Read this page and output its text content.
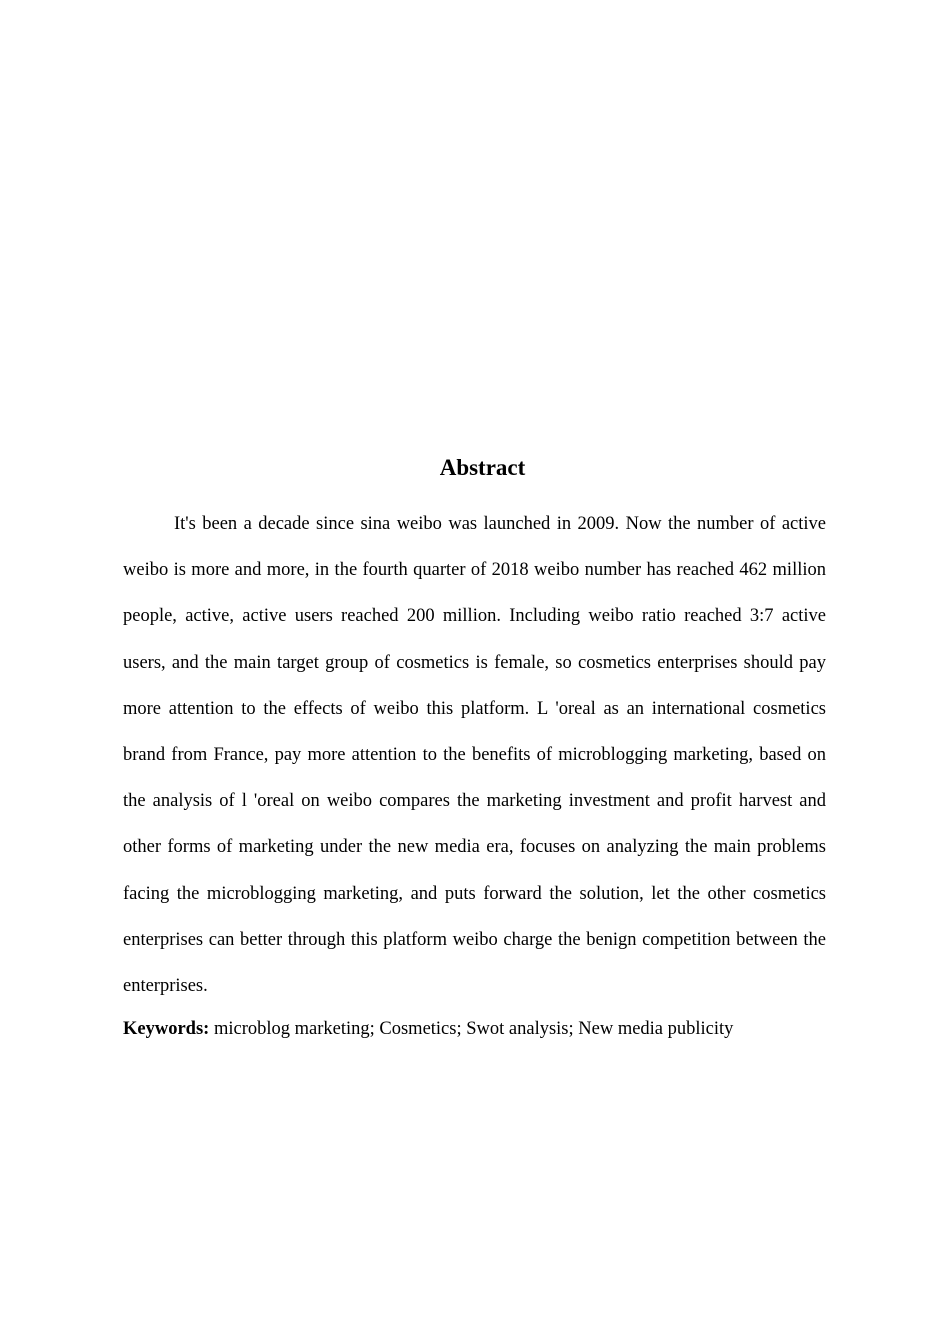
Abstract

It's been a decade since sina weibo was launched in 2009. Now the number of active weibo is more and more, in the fourth quarter of 2018 weibo number has reached 462 million people, active, active users reached 200 million. Including weibo ratio reached 3:7 active users, and the main target group of cosmetics is female, so cosmetics enterprises should pay more attention to the effects of weibo this platform. L 'oreal as an international cosmetics brand from France, pay more attention to the benefits of microblogging marketing, based on the analysis of l 'oreal on weibo compares the marketing investment and profit harvest and other forms of marketing under the new media era, focuses on analyzing the main problems facing the microblogging marketing, and puts forward the solution, let the other cosmetics enterprises can better through this platform weibo charge the benign competition between the enterprises.

Keywords: microblog marketing; Cosmetics; Swot analysis; New media publicity
